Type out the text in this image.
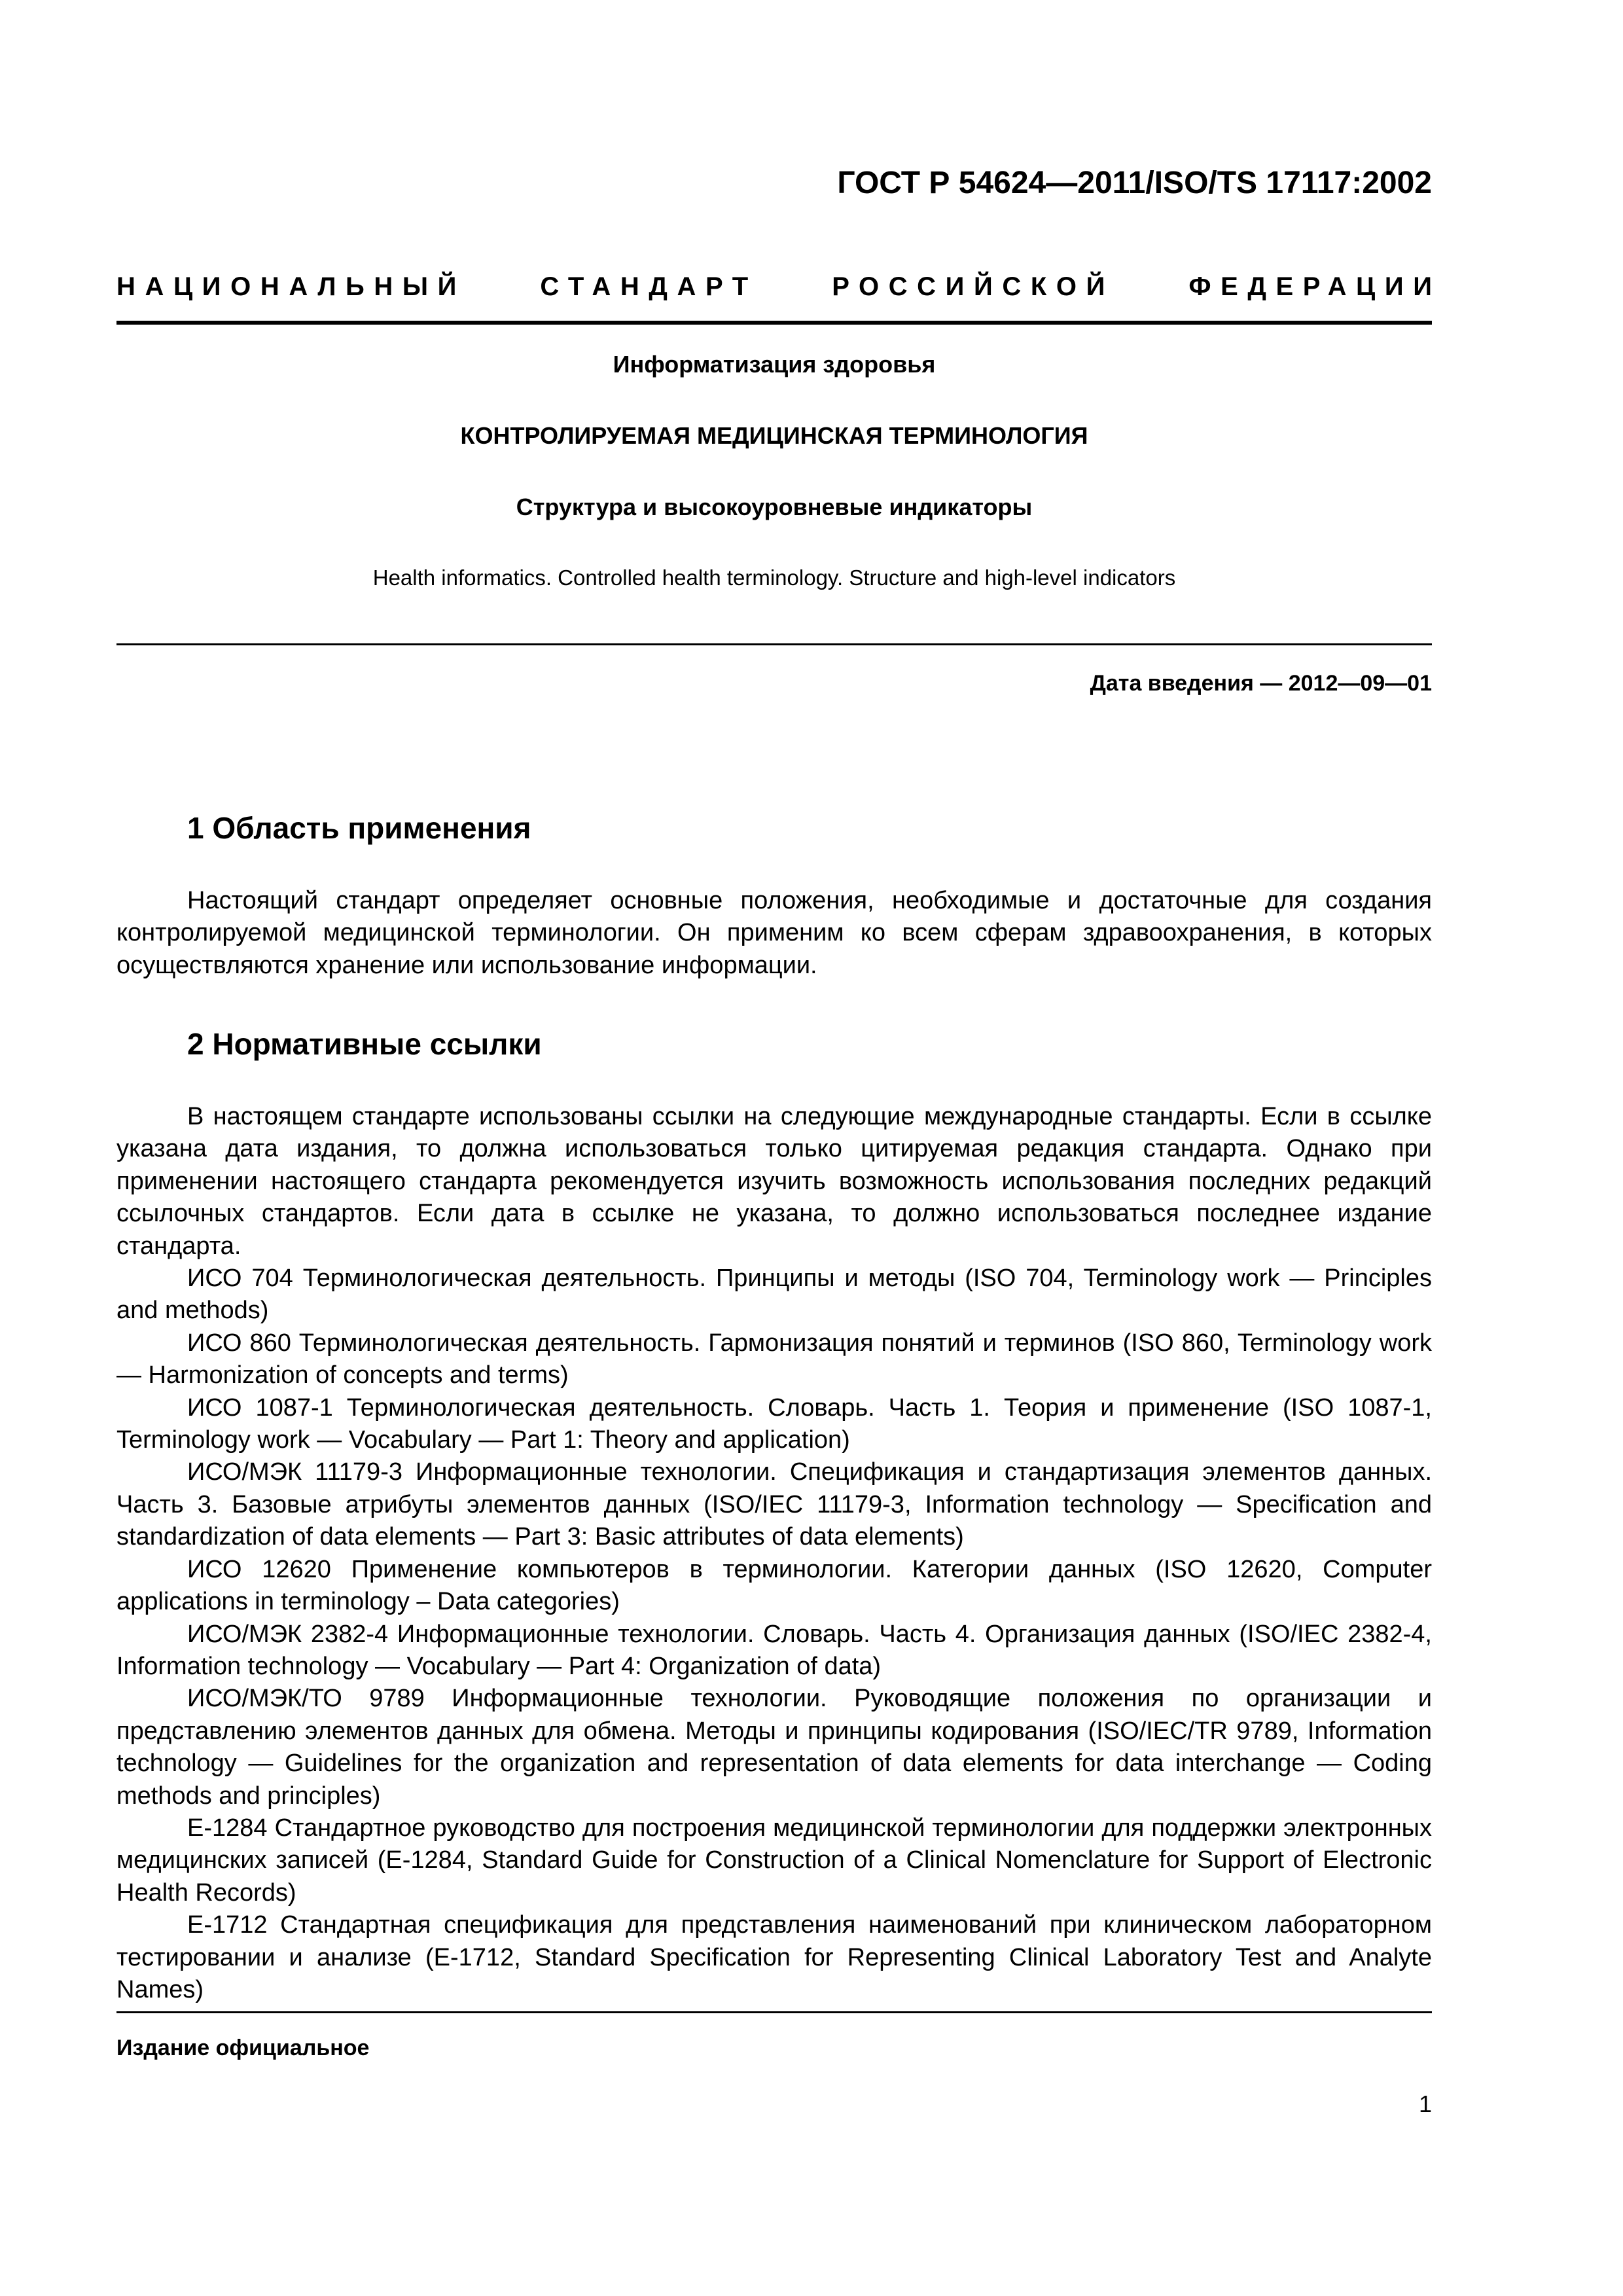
ГОСТ Р 54624—2011/ISO/TS 17117:2002
НАЦИОНАЛЬНЫЙ	СТАНДАРТ	РОССИЙСКОЙ	ФЕДЕРАЦИИ
Информатизация здоровья
КОНТРОЛИРУЕМАЯ МЕДИЦИНСКАЯ ТЕРМИНОЛОГИЯ
Структура и высокоуровневые индикаторы
Health informatics. Controlled health terminology. Structure and high-level indicators
Дата введения — 2012—09—01
1 Область применения

Настоящий стандарт определяет основные положения, необходимые и достаточные для создания контролируемой медицинской терминологии. Он применим ко всем сферам здравоохранения, в которых осуществляются хранение или использование информации.

2 Нормативные ссылки

В настоящем стандарте использованы ссылки на следующие международные стандарты. Если в ссылке указана дата издания, то должна использоваться только цитируемая редакция стандарта. Однако при применении настоящего стандарта рекомендуется изучить возможность использования последних редакций ссылочных стандартов. Если дата в ссылке не указана, то должно использоваться последнее издание стандарта.

ИСО 704 Терминологическая деятельность. Принципы и методы (ISO 704, Terminology work — Principles and methods)

ИСО 860 Терминологическая деятельность. Гармонизация понятий и терминов (ISO 860, Terminology work — Harmonization of concepts and terms)

ИСО 1087-1 Терминологическая деятельность. Словарь. Часть 1. Теория и применение (ISO 1087-1, Terminology work — Vocabulary — Part 1: Theory and application)

ИСО/МЭК 11179-3 Информационные технологии. Спецификация и стандартизация элементов данных. Часть 3. Базовые атрибуты элементов данных (ISO/IEC 11179-3, Information technology — Specification and standardization of data elements — Part 3: Basic attributes of data elements)

ИСО 12620 Применение компьютеров в терминологии. Категории данных (ISO 12620, Computer applications in terminology – Data categories)

ИСО/МЭК 2382-4 Информационные технологии. Словарь. Часть 4. Организация данных (ISO/IEC 2382-4, Information technology — Vocabulary — Part 4: Organization of data)

ИСО/МЭК/ТО 9789 Информационные технологии. Руководящие положения по организации и представлению элементов данных для обмена. Методы и принципы кодирования (ISO/IEC/TR 9789, Information technology — Guidelines for the organization and representation of data elements for data interchange — Coding methods and principles)

Е-1284 Стандартное руководство для построения медицинской терминологии для поддержки электронных медицинских записей (Е-1284, Standard Guide for Construction of a Clinical Nomenclature for Support of Electronic Health Records)

Е-1712 Стандартная спецификация для представления наименований при клиническом лабораторном тестировании и анализе (Е-1712, Standard Specification for Representing Clinical Laboratory Test and Analyte Names)

Издание официальное
1
